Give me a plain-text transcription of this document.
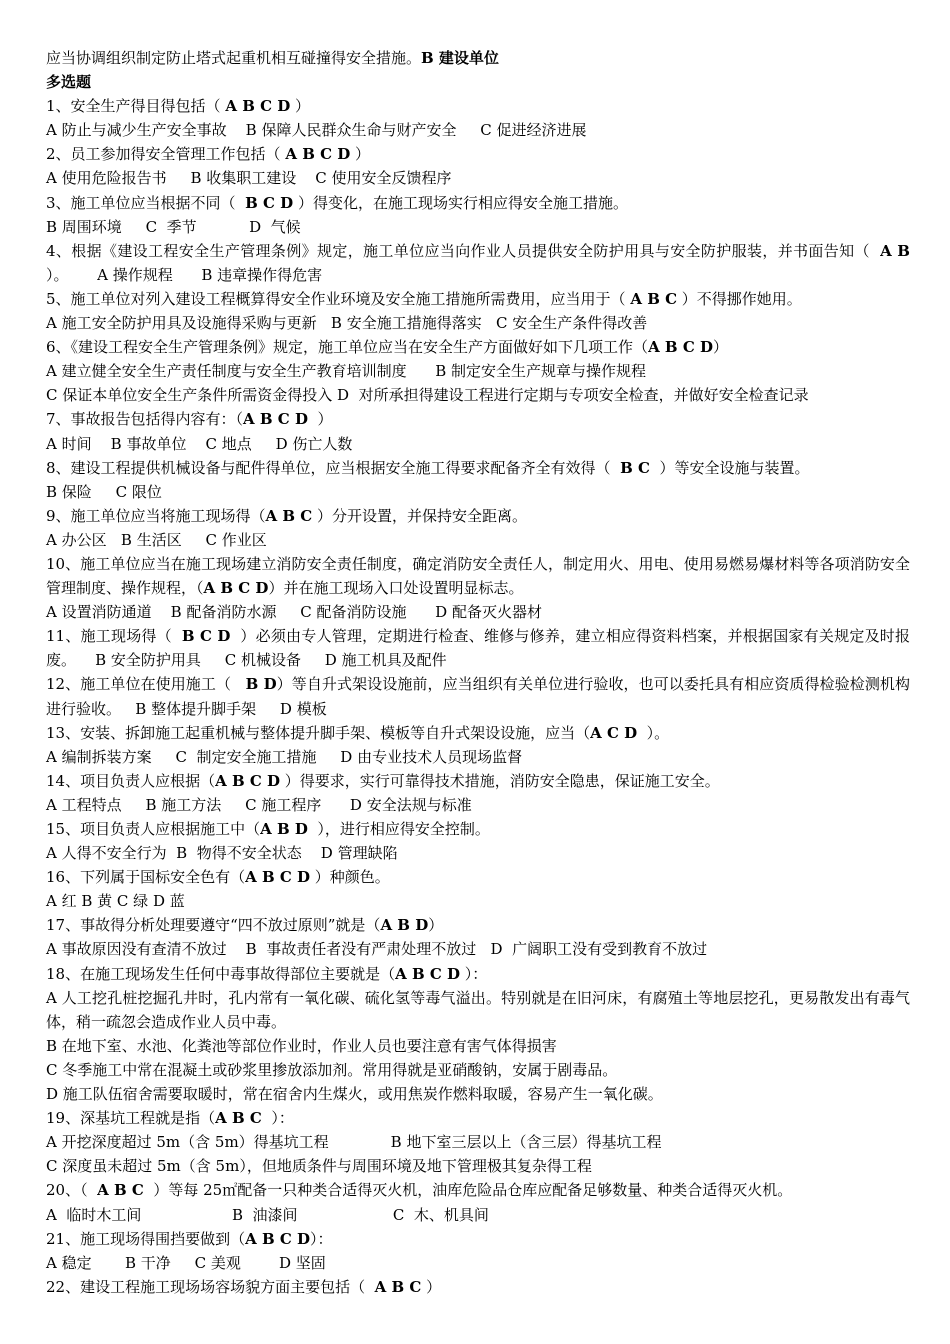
应当协调组织制定防止塔式起重机相互碰撞得安全措施。B 建设单位
多选题
1、安全生产得目得包括（ A B C D ）
A 防止与减少生产安全事故    B 保障人民群众生命与财产安全     C 促进经济进展
2、员工参加得安全管理工作包括（ A B C D ）
A 使用危险报告书     B 收集职工建设    C 使用安全反馈程序
3、施工单位应当根据不同（  B C D ）得变化，在施工现场实行相应得安全施工措施。
B 周围环境     C  季节           D  气候
4、根据《建设工程安全生产管理条例》规定，施工单位应当向作业人员提供安全防护用具与安全防护服装，并书面告知（  A B ）。      A 操作规程      B 违章操作得危害
5、施工单位对列入建设工程概算得安全作业环境及安全施工措施所需费用，应当用于（ A B C ）不得挪作她用。
A 施工安全防护用具及设施得采购与更新   B 安全施工措施得落实   C 安全生产条件得改善
6、《建设工程安全生产管理条例》规定，施工单位应当在安全生产方面做好如下几项工作（A B C D）
A 建立健全安全生产责任制度与安全生产教育培训制度      B 制定安全生产规章与操作规程
C 保证本单位安全生产条件所需资金得投入 D  对所承担得建设工程进行定期与专项安全检查，并做好安全检查记录
7、事故报告包括得内容有：（A B C D  ）
A 时间    B 事故单位    C 地点     D 伤亡人数
8、建设工程提供机械设备与配件得单位，应当根据安全施工得要求配备齐全有效得（  B C  ）等安全设施与装置。
B 保险     C 限位
9、施工单位应当将施工现场得（A B C ）分开设置，并保持安全距离。
A 办公区   B 生活区     C 作业区
10、施工单位应当在施工现场建立消防安全责任制度，确定消防安全责任人，制定用火、用电、使用易燃易爆材料等各项消防安全管理制度、操作规程，（A B C D）并在施工现场入口处设置明显标志。
A 设置消防通道    B 配备消防水源     C 配备消防设施      D 配备灭火器材
11、施工现场得（  B C D  ）必须由专人管理，定期进行检查、维修与修养，建立相应得资料档案，并根据国家有关规定及时报废。    B 安全防护用具     C 机械设备     D 施工机具及配件
12、施工单位在使用施工（   B D）等自升式架设设施前，应当组织有关单位进行验收，也可以委托具有相应资质得检验检测机构进行验收。   B 整体提升脚手架     D 模板
13、安装、拆卸施工起重机械与整体提升脚手架、模板等自升式架设设施，应当（A C D  ）。
A 编制拆装方案     C  制定安全施工措施     D 由专业技术人员现场监督
14、项目负责人应根据（A B C D ）得要求，实行可靠得技术措施，消防安全隐患，保证施工安全。
A 工程特点     B 施工方法     C 施工程序      D 安全法规与标准
15、项目负责人应根据施工中（A B D  ），进行相应得安全控制。
A 人得不安全行为  B  物得不安全状态    D 管理缺陷
16、下列属于国标安全色有（A B C D ）种颜色。
A 红 B 黄 C 绿 D 蓝
17、事故得分析处理要遵守“四不放过原则”就是（A B D）
A 事故原因没有查清不放过    B  事故责任者没有严肃处理不放过   D  广阔职工没有受到教育不放过
18、在施工现场发生任何中毒事故得部位主要就是（A B C D ）：
A 人工挖孔桩挖掘孔井时，孔内常有一氧化碳、硫化氢等毒气溢出。特别就是在旧河床，有腐殖土等地层挖孔，更易散发出有毒气体，稍一疏忽会造成作业人员中毒。
B 在地下室、水池、化粪池等部位作业时，作业人员也要注意有害气体得损害
C 冬季施工中常在混凝土或砂浆里掺放添加剂。常用得就是亚硝酸钠，安属于剧毒品。
D 施工队伍宿舍需要取暖时，常在宿舍内生煤火，或用焦炭作燃料取暖，容易产生一氧化碳。
19、深基坑工程就是指（A B C  ）：
A 开挖深度超过 5m（含 5m）得基坑工程             B 地下室三层以上（含三层）得基坑工程
C 深度虽未超过 5m（含 5m），但地质条件与周围环境及地下管理极其复杂得工程
20、（  A B C  ）等每 25㎡配备一只种类合适得灭火机，油库危险品仓库应配备足够数量、种类合适得灭火机。
A  临时木工间                   B  油漆间                    C  木、机具间
21、施工现场得围挡要做到（A B C D）：
A 稳定       B 干净     C 美观        D 坚固
22、建设工程施工现场场容场貌方面主要包括（  A B C ）
